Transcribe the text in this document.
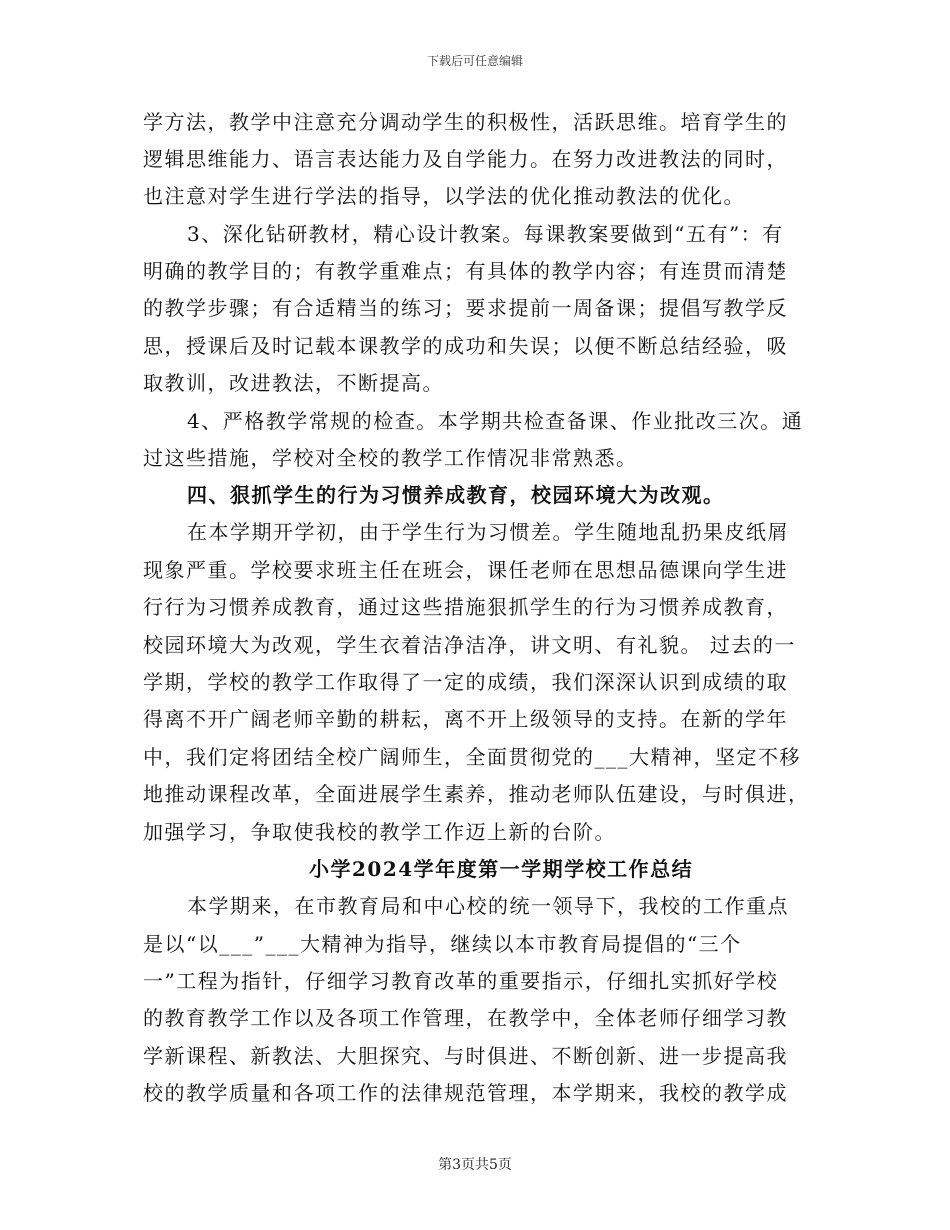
下载后可任意编辑
学方法，教学中注意充分调动学生的积极性，活跃思维。培育学生的
逻辑思维能力、语言表达能力及自学能力。在努力改进教法的同时，
也注意对学生进行学法的指导，以学法的优化推动教法的优化。
3、深化钻研教材，精心设计教案。每课教案要做到“五有”：有
明确的教学目的；有教学重难点；有具体的教学内容；有连贯而清楚
的教学步骤；有合适精当的练习；要求提前一周备课；提倡写教学反
思，授课后及时记载本课教学的成功和失误；以便不断总结经验，吸
取教训，改进教法，不断提高。
4、严格教学常规的检查。本学期共检查备课、作业批改三次。通
过这些措施，学校对全校的教学工作情况非常熟悉。
四、狠抓学生的行为习惯养成教育，校园环境大为改观。
在本学期开学初，由于学生行为习惯差。学生随地乱扔果皮纸屑
现象严重。学校要求班主任在班会，课任老师在思想品德课向学生进
行行为习惯养成教育，通过这些措施狠抓学生的行为习惯养成教育，
校园环境大为改观，学生衣着洁净洁净，讲文明、有礼貌。 过去的一
学期，学校的教学工作取得了一定的成绩，我们深深认识到成绩的取
得离不开广阔老师辛勤的耕耘，离不开上级领导的支持。在新的学年
中，我们定将团结全校广阔师生，全面贯彻党的___大精神，坚定不移
地推动课程改革，全面进展学生素养，推动老师队伍建设，与时俱进，
加强学习，争取使我校的教学工作迈上新的台阶。
小学2024学年度第一学期学校工作总结
本学期来，在市教育局和中心校的统一领导下，我校的工作重点
是以“以___”___大精神为指导，继续以本市教育局提倡的“三个
一”工程为指针，仔细学习教育改革的重要指示，仔细扎实抓好学校
的教育教学工作以及各项工作管理，在教学中，全体老师仔细学习教
学新课程、新教法、大胆探究、与时俱进、不断创新、进一步提高我
校的教学质量和各项工作的法律规范管理，本学期来，我校的教学成
第3页共5页
